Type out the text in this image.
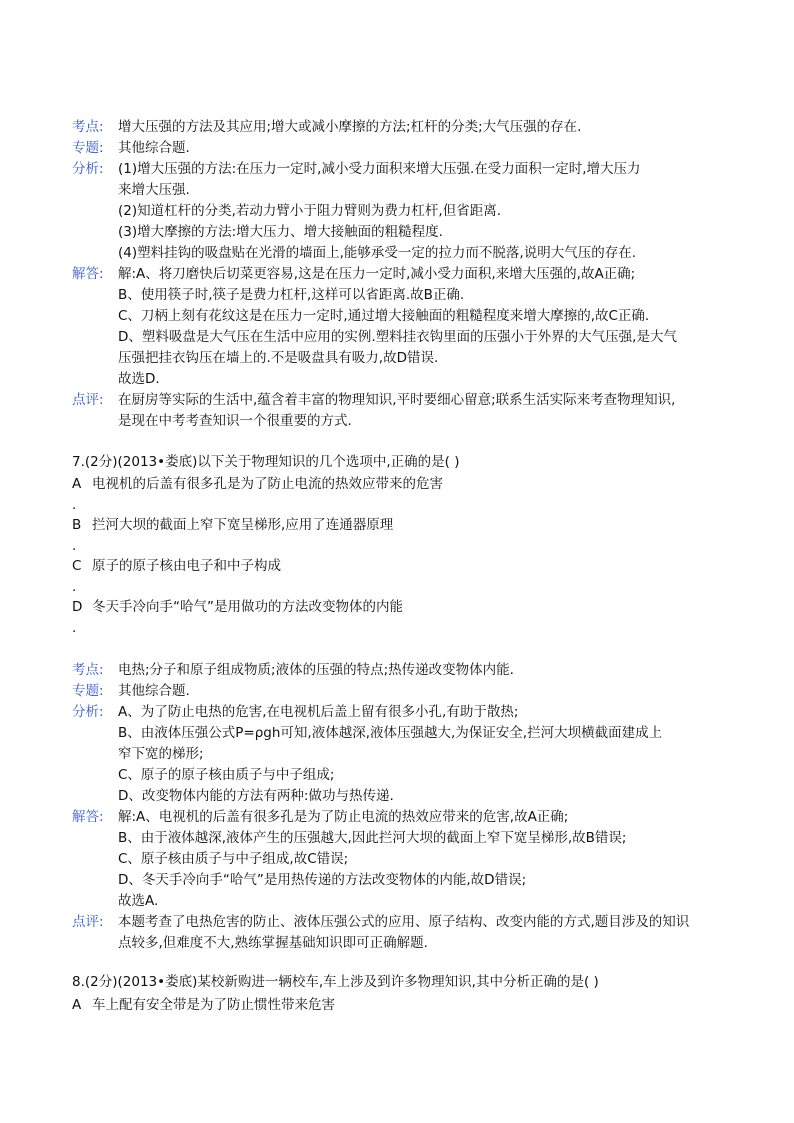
考点: 增大压强的方法及其应用;增大或减小摩擦的方法;杠杆的分类;大气压强的存在.
专题: 其他综合题.
分析: (1)增大压强的方法:在压力一定时,减小受力面积来增大压强.在受力面积一定时,增大压力
来增大压强.
(2)知道杠杆的分类,若动力臂小于阻力臂则为费力杠杆,但省距离.
(3)增大摩擦的方法:增大压力、增大接触面的粗糙程度.
(4)塑料挂钩的吸盘贴在光滑的墙面上,能够承受一定的拉力而不脱落,说明大气压的存在.
解答: 解:A、将刀磨快后切菜更容易,这是在压力一定时,减小受力面积,来增大压强的,故A正确;
B、使用筷子时,筷子是费力杠杆,这样可以省距离.故B正确.
C、刀柄上刻有花纹这是在压力一定时,通过增大接触面的粗糙程度来增大摩擦的,故C正确.
D、塑料吸盘是大气压在生活中应用的实例.塑料挂衣钩里面的压强小于外界的大气压强,是大气
压强把挂衣钩压在墙上的.不是吸盘具有吸力,故D错误.
故选D.
点评: 在厨房等实际的生活中,蕴含着丰富的物理知识,平时要细心留意;联系生活实际来考查物理知识,
是现在中考考查知识一个很重要的方式.
7.(2分)(2013•娄底)以下关于物理知识的几个选项中,正确的是( )
A 电视机的后盖有很多孔是为了防止电流的热效应带来的危害
.
B 拦河大坝的截面上窄下宽呈梯形,应用了连通器原理
.
C 原子的原子核由电子和中子构成
.
D 冬天手冷向手“哈气”是用做功的方法改变物体的内能
.
考点: 电热;分子和原子组成物质;液体的压强的特点;热传递改变物体内能.
专题: 其他综合题.
分析: A、为了防止电热的危害,在电视机后盖上留有很多小孔,有助于散热;
B、由液体压强公式P=ρgh可知,液体越深,液体压强越大,为保证安全,拦河大坝横截面建成上
窄下宽的梯形;
C、原子的原子核由质子与中子组成;
D、改变物体内能的方法有两种:做功与热传递.
解答: 解:A、电视机的后盖有很多孔是为了防止电流的热效应带来的危害,故A正确;
B、由于液体越深,液体产生的压强越大,因此拦河大坝的截面上窄下宽呈梯形,故B错误;
C、原子核由质子与中子组成,故C错误;
D、冬天手冷向手“哈气”是用热传递的方法改变物体的内能,故D错误;
故选A.
点评: 本题考查了电热危害的防止、液体压强公式的应用、原子结构、改变内能的方式,题目涉及的知识
点较多,但难度不大,熟练掌握基础知识即可正确解题.
8.(2分)(2013•娄底)某校新购进一辆校车,车上涉及到许多物理知识,其中分析正确的是( )
A 车上配有安全带是为了防止惯性带来危害
